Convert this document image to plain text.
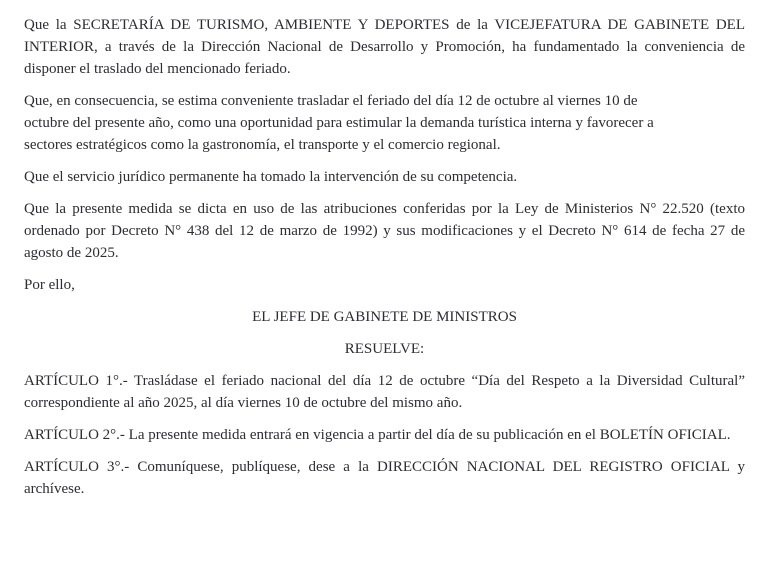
Que la SECRETARÍA DE TURISMO, AMBIENTE Y DEPORTES de la VICEJEFATURA DE GABINETE DEL INTERIOR, a través de la Dirección Nacional de Desarrollo y Promoción, ha fundamentado la conveniencia de disponer el traslado del mencionado feriado.

Que, en consecuencia, se estima conveniente trasladar el feriado del día 12 de octubre al viernes 10 de octubre del presente año, como una oportunidad para estimular la demanda turística interna y favorecer a sectores estratégicos como la gastronomía, el transporte y el comercio regional.

Que el servicio jurídico permanente ha tomado la intervención de su competencia.

Que la presente medida se dicta en uso de las atribuciones conferidas por la Ley de Ministerios N° 22.520 (texto ordenado por Decreto N° 438 del 12 de marzo de 1992) y sus modificaciones y el Decreto N° 614 de fecha 27 de agosto de 2025.

Por ello,

EL JEFE DE GABINETE DE MINISTROS

RESUELVE:

ARTÍCULO 1°.- Trasládase el feriado nacional del día 12 de octubre “Día del Respeto a la Diversidad Cultural” correspondiente al año 2025, al día viernes 10 de octubre del mismo año.

ARTÍCULO 2°.- La presente medida entrará en vigencia a partir del día de su publicación en el BOLETÍN OFICIAL.

ARTÍCULO 3°.- Comuníquese, publíquese, dese a la DIRECCIÓN NACIONAL DEL REGISTRO OFICIAL y archívese.
